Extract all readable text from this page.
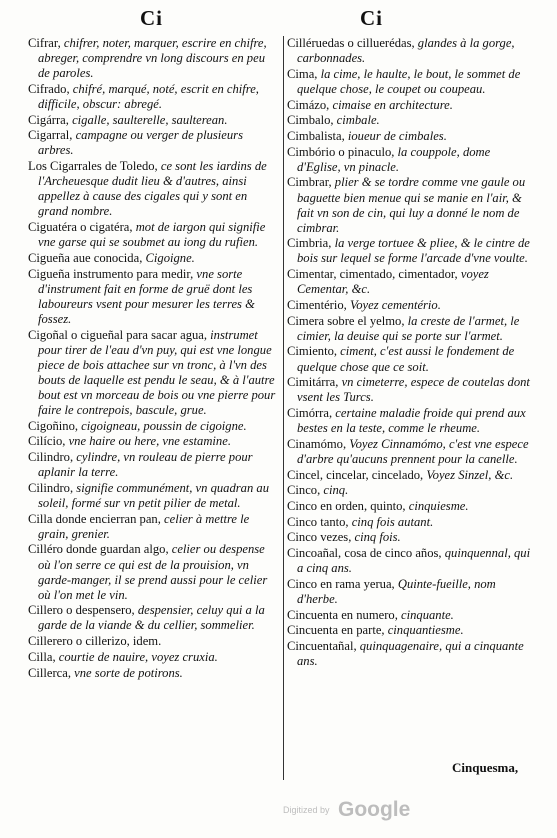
Ci	Ci
Cifrar, chifrer, noter, marquer, escrire en chifre, abreger, comprendre vn long discours en peu de paroles.
Cifrado, chifré, marqué, noté, escrit en chifre, difficile, obscur: abregé.
Cigárra, cigalle, saulterelle, saulterean.
Cigarral, campagne ou verger de plusieurs arbres.
Los Cigarrales de Toledo, ce sont les iardins de l'Archeuesque dudit lieu & d'autres, ainsi appellez à cause des cigales qui y sont en grand nombre.
Ciguatéra o cigatéra, mot de iargon qui signifie vne garse qui se soubmet au iong du rufien.
Cigueña aue conocida, Cigoigne.
Cigueña instrumento para medir, vne sorte d'instrument fait en forme de gruë dont les laboureurs vsent pour mesurer les terres & fossez.
Cigoñal o cigueñal para sacar agua, instrumet pour tirer de l'eau d'vn puy, qui est vne longue piece de bois attachee sur vn tronc, à l'vn des bouts de laquelle est pendu le seau, & à l'autre bout est vn morceau de bois ou vne pierre pour faire le contrepois, bascule, grue.
Cigoñino, cigoigneau, poussin de cigoigne.
Cilício, vne haire ou here, vne estamine.
Cilindro, cylindre, vn rouleau de pierre pour aplanir la terre.
Cilindro, signifie communément, vn quadran au soleil, formé sur vn petit pilier de metal.
Cilla donde encierran pan, celier à mettre le grain, grenier.
Cilléro donde guardan algo, celier ou despense où l'on serre ce qui est de la prouision, vn garde-manger, il se prend aussi pour le celier où l'on met le vin.
Cillero o despensero, despensier, celuy qui a la garde de la viande & du cellier, sommelier.
Cillerero o cillerizo, idem.
Cilla, courtie de nauire, voyez cruxia.
Cillerca, vne sorte de potirons.
Cilléruedas o cilluerédas, glandes à la gorge, carbonnades.
Cima, la cime, le haulte, le bout, le sommet de quelque chose, le coupet ou coupeau.
Cimázo, cimaise en architecture.
Cimbalo, cimbale.
Cimbalista, ioueur de cimbales.
Cimbório o pinaculo, la couppole, dome d'Eglise, vn pinacle.
Cimbrar, plier & se tordre comme vne gaule ou baguette bien menue qui se manie en l'air, & fait vn son de cin, qui luy a donné le nom de cimbrar.
Cimbria, la verge tortuee & pliee, & le cintre de bois sur lequel se forme l'arcade d'vne voulte.
Cimentar, cimentado, cimentador, voyez Cementar, &c.
Cimentério, Voyez cementério.
Cimera sobre el yelmo, la creste de l'armet, le cimier, la deuise qui se porte sur l'armet.
Cimiento, ciment, c'est aussi le fondement de quelque chose que ce soit.
Cimitárra, vn cimeterre, espece de coutelas dont vsent les Turcs.
Cimórra, certaine maladie froide qui prend aux bestes en la teste, comme le rheume.
Cinamómo, Voyez Cinnamómo, c'est vne espece d'arbre qu'aucuns prennent pour la canelle.
Cincel, cincelar, cincelado, Voyez Sinzel, &c.
Cinco, cinq.
Cinco en orden, quinto, cinquiesme.
Cinco tanto, cinq fois autant.
Cinco vezes, cinq fois.
Cincoañal, cosa de cinco años, quinquennal, qui a cinq ans.
Cinco en rama yerua, Quinte-fueille, nom d'herbe.
Cincuenta en numero, cinquante.
Cincuenta en parte, cinquantiesme.
Cincuentañal, quinquagenaire, qui a cinquante ans.
Cinquesma,
Digitized by Google
